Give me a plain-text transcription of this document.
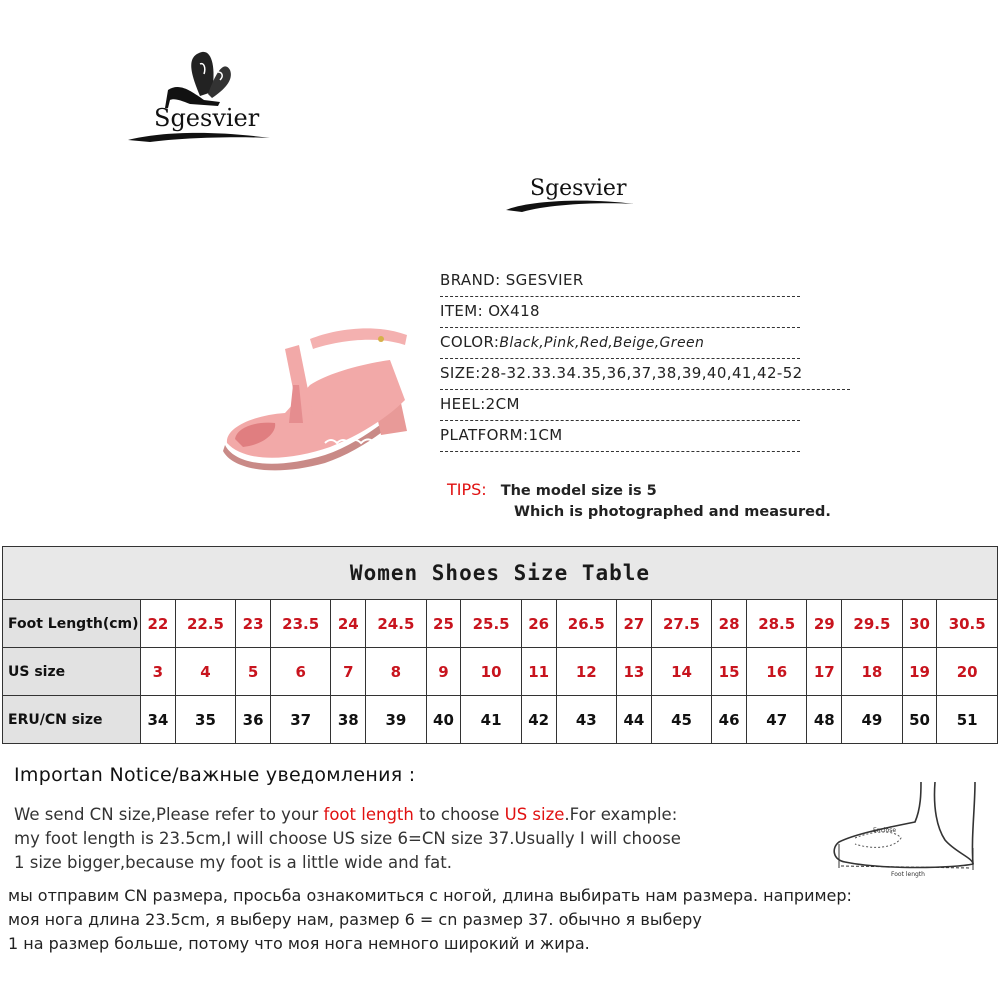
Sgesvier
Sgesvier
BRAND: SGESVIER
ITEM: OX418
COLOR:Black,Pink,Red,Beige,Green
SIZE:28-32.33.34.35,36,37,38,39,40,41,42-52
HEEL:2CM
PLATFORM:1CM
TIPS: The model size is 5
Which is photographed and measured.
Women Shoes Size Table																		
Foot Length(cm)	22	22.5	23	23.5	24	24.5	25	25.5	26	26.5	27	27.5	28	28.5	29	29.5	30	30.5
US size	3	4	5	6	7	8	9	10	11	12	13	14	15	16	17	18	19	20
ERU/CN size	34	35	36	37	38	39	40	41	42	43	44	45	46	47	48	49	50	51
Importan Notice/важные уведомления :
We send CN size,Please refer to your foot length to choose US size.For example:
my foot length is 23.5cm,I will choose US size 6=CN size 37.Usually I will choose
1 size bigger,because my foot is a little wide and fat.
мы отправим CN размера, просьба ознакомиться с ногой, длина выбирать нам размера. например:
моя нога длина 23.5cm, я выберу нам, размер 6 = cn размер 37. обычно я выберу
1 на размер больше, потому что моя нога немного широкий и жира.
Enclose
Foot length
